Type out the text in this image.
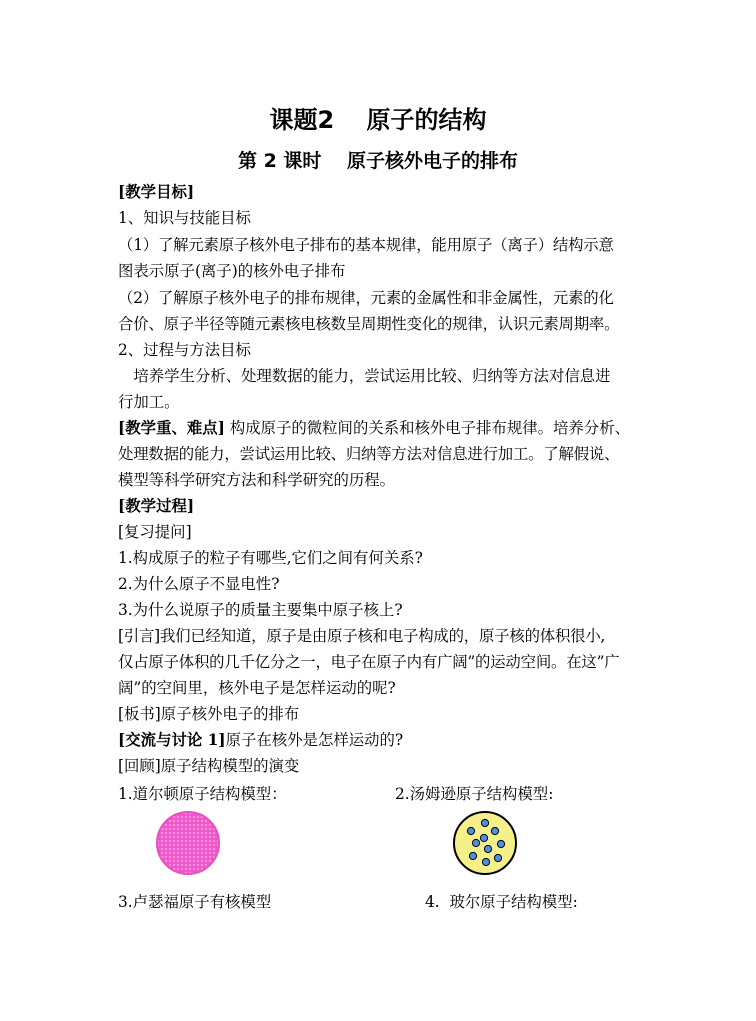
课题2　 原子的结构
第 2 课时　 原子核外电子的排布
[教学目标]
1、知识与技能目标
（1）了解元素原子核外电子排布的基本规律，能用原子（离子）结构示意
图表示原子(离子)的核外电子排布
（2）了解原子核外电子的排布规律，元素的金属性和非金属性，元素的化
合价、原子半径等随元素核电核数呈周期性变化的规律，认识元素周期率。
2、过程与方法目标
　培养学生分析、处理数据的能力，尝试运用比较、归纳等方法对信息进
行加工。
[教学重、难点] 构成原子的微粒间的关系和核外电子排布规律。培养分析、
处理数据的能力，尝试运用比较、归纳等方法对信息进行加工。了解假说、
模型等科学研究方法和科学研究的历程。
[教学过程]
[复习提问]
1.构成原子的粒子有哪些,它们之间有何关系?
2.为什么原子不显电性?
3.为什么说原子的质量主要集中原子核上?
[引言]我们已经知道，原子是由原子核和电子构成的，原子核的体积很小,
仅占原子体积的几千亿分之一，电子在原子内有广阔”的运动空间。在这”广
阔”的空间里，核外电子是怎样运动的呢?
[板书]原子核外电子的排布
[交流与讨论 1]原子在核外是怎样运动的?
[回顾]原子结构模型的演变
1.道尔顿原子结构模型：	2.汤姆逊原子结构模型:
3.卢瑟福原子有核模型	4.  玻尔原子结构模型:
